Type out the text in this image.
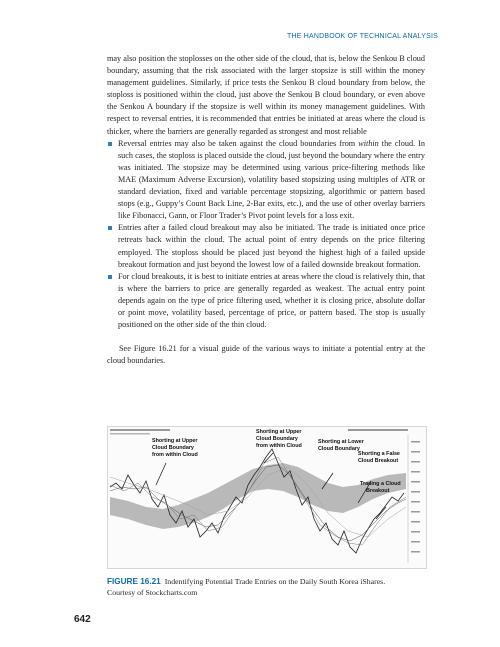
THE HANDBOOK OF TECHNICAL ANALYSIS

may also position the stoplosses on the other side of the cloud, that is, below the Senkou B cloud boundary, assuming that the risk associated with the larger stopsize is still within the money management guidelines. Similarly, if price tests the Senkou B cloud boundary from below, the stoploss is positioned within the cloud, just above the Senkou B cloud boundary, or even above the Senkou A boundary if the stopsize is well within its money management guidelines. With respect to reversal entries, it is recommended that entries be initiated at areas where the cloud is thicker, where the barriers are generally regarded as strongest and most reliable

Reversal entries may also be taken against the cloud boundaries from within the cloud. In such cases, the stoploss is placed outside the cloud, just beyond the boundary where the entry was initiated. The stopsize may be determined using various price-filtering methods like MAE (Maximum Adverse Excursion), volatility based stopsizing using multiples of ATR or standard deviation, fixed and variable percentage stopsizing, algorithmic or pattern based stops (e.g., Guppy’s Count Back Line, 2-Bar exits, etc.), and the use of other overlay barriers like Fibonacci, Gann, or Floor Trader’s Pivot point levels for a loss exit.

Entries after a failed cloud breakout may also be initiated. The trade is initiated once price retreats back within the cloud. The actual point of entry depends on the price filtering employed. The stoploss should be placed just beyond the highest high of a failed upside breakout formation and just beyond the lowest low of a failed downside breakout formation.

For cloud breakouts, it is best to initiate entries at areas where the cloud is relatively thin, that is where the barriers to price are generally regarded as weakest. The actual entry point depends again on the type of price filtering used, whether it is closing price, absolute dollar or point move, volatility based, percentage of price, or pattern based. The stop is usually positioned on the other side of the thin cloud.

See Figure 16.21 for a visual guide of the various ways to initiate a potential entry at the cloud boundaries.

Shorting at Upper Cloud Boundary from within Cloud
Shorting at Upper Cloud Boundary from within Cloud
Shorting at Lower Cloud Boundary
Shorting a False Cloud Breakout
Trading a Cloud Breakout
FIGURE 16.21 Indentifying Potential Trade Entries on the Daily South Korea iShares.
Courtesy of Stockcharts.com
642
